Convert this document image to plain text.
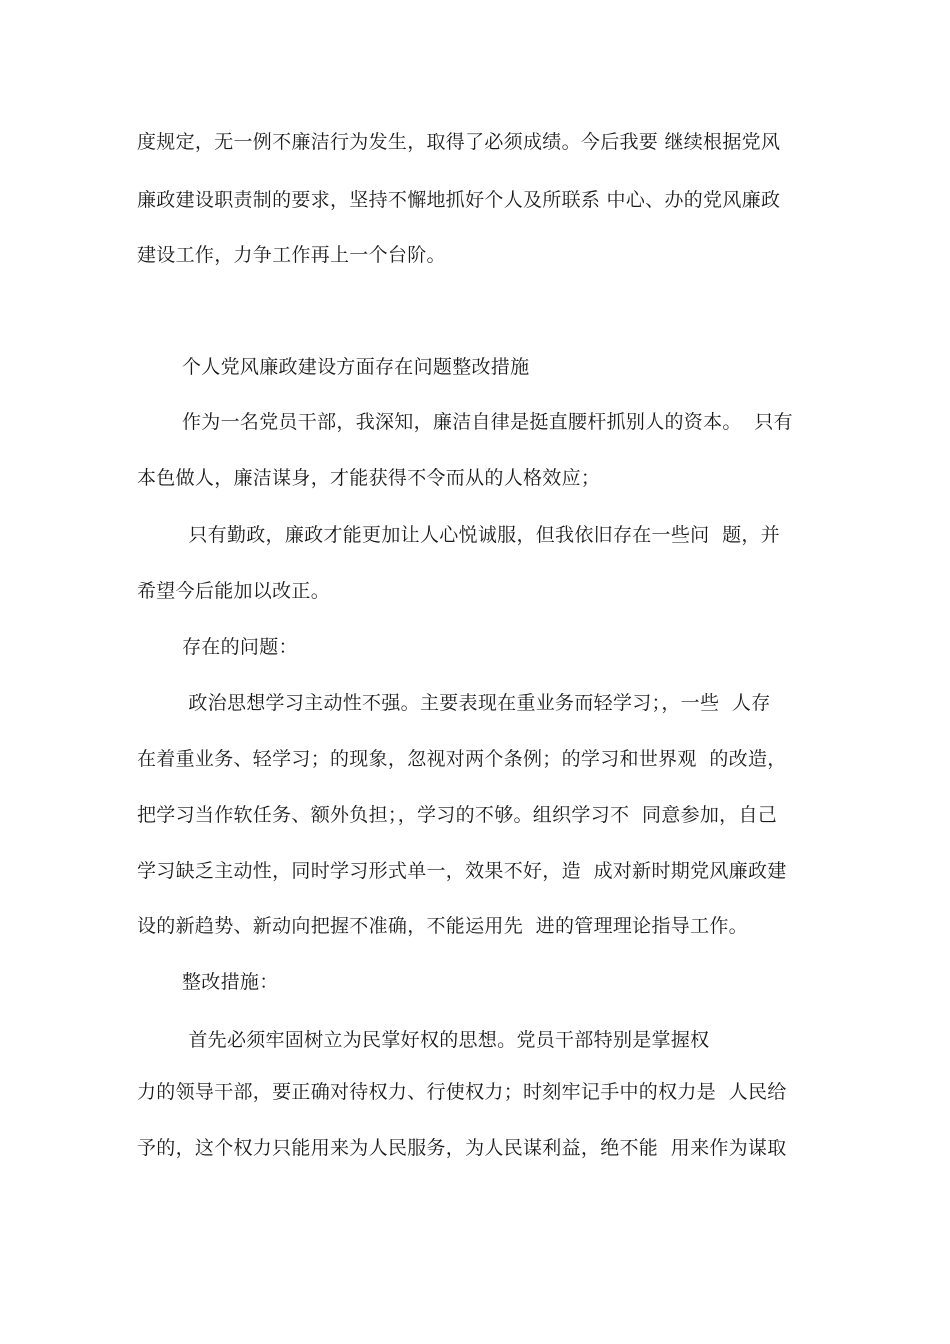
度规定，无一例不廉洁行为发生，取得了必须成绩。今后我要 继续根据党风
廉政建设职责制的要求，坚持不懈地抓好个人及所联系 中心、办的党风廉政
建设工作，力争工作再上一个台阶。
个人党风廉政建设方面存在问题整改措施
作为一名党员干部，我深知，廉洁自律是挺直腰杆抓别人的资本。  只有
本色做人，廉洁谋身，才能获得不令而从的人格效应；
只有勤政，廉政才能更加让人心悦诚服，但我依旧存在一些问  题，并
希望今后能加以改正。
存在的问题：
政治思想学习主动性不强。主要表现在重业务而轻学习；，一些  人存
在着重业务、轻学习；的现象，忽视对两个条例；的学习和世界观  的改造，
把学习当作软任务、额外负担；，学习的不够。组织学习不  同意参加，自己
学习缺乏主动性，同时学习形式单一，效果不好，造  成对新时期党风廉政建
设的新趋势、新动向把握不准确，不能运用先  进的管理理论指导工作。
整改措施：
首先必须牢固树立为民掌好权的思想。党员干部特别是掌握权
力的领导干部，要正确对待权力、行使权力；时刻牢记手中的权力是  人民给
予的，这个权力只能用来为人民服务，为人民谋利益，绝不能  用来作为谋取
